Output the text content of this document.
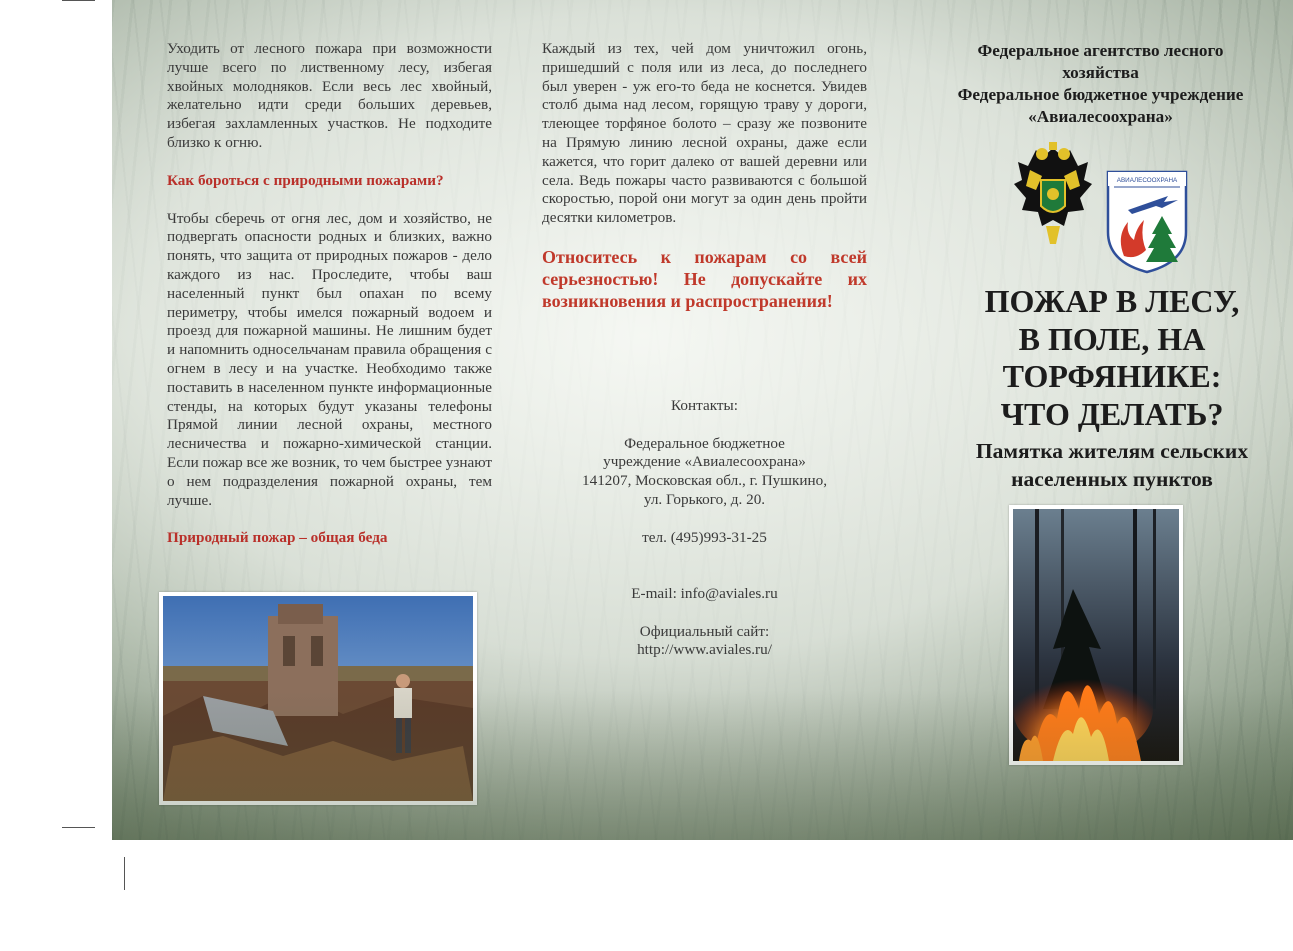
Уходить от лесного пожара при возможности лучше всего по лиственному лесу, избегая хвойных молодняков. Если весь лес хвойный, желательно идти среди больших деревьев, избегая захламленных участков. Не подходите близко к огню.

Как бороться с природными пожарами?

Чтобы сберечь от огня лес, дом и хозяйство, не подвергать опасности родных и близких, важно понять, что защита от природных пожаров - дело каждого из нас. Проследите, чтобы ваш населенный пункт был опахан по всему периметру, чтобы имелся пожарный водоем и проезд для пожарной машины. Не лишним будет и напомнить односельчанам правила обращения с огнем в лесу и на участке. Необходимо также поставить в населенном пункте информационные стенды, на которых будут указаны телефоны Прямой линии лесной охраны, местного лесничества и пожарно-химической станции. Если пожар все же возник, то чем быстрее узнают о нем подразделения пожарной охраны, тем лучше.

Природный пожар – общая беда

Каждый из тех, чей дом уничтожил огонь, пришедший с поля или из леса, до последнего был уверен - уж его-то беда не коснется. Увидев столб дыма над лесом, горящую траву у дороги, тлеющее торфяное болото – сразу же позвоните на Прямую линию лесной охраны, даже если кажется, что горит далеко от вашей деревни или села. Ведь пожары часто развиваются с большой скоростью, порой они могут за один день пройти десятки километров.

Относитесь к пожарам со всей серьезностью! Не допускайте их возникновения и распространения!

Контакты:
Федеральное бюджетное
учреждение «Авиалесоохрана»
141207, Московская обл., г. Пушкино,
ул. Горького, д. 20.
тел. (495)993-31-25
E-mail: info@aviales.ru
Официальный сайт:
http://www.aviales.ru/
Федеральное агентство лесного
хозяйства
Федеральное бюджетное учреждение
«Авиалесоохрана»
АВИАЛЕСООХРАНА
ПОЖАР В ЛЕСУ,
В ПОЛЕ, НА
ТОРФЯНИКЕ:
ЧТО ДЕЛАТЬ?
Памятка жителям сельских
населенных пунктов
